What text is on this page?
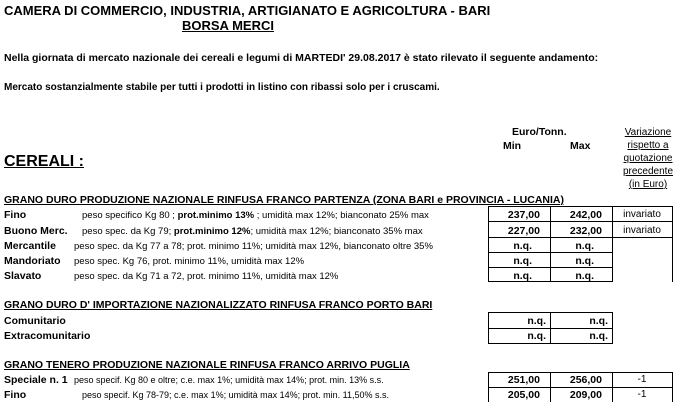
CAMERA DI COMMERCIO, INDUSTRIA, ARTIGIANATO E AGRICOLTURA - BARI
BORSA MERCI
Nella giornata di mercato nazionale dei cereali e legumi di MARTEDI' 29.08.2017 è stato rilevato il seguente andamento:
Mercato sostanzialmente stabile per tutti i prodotti in listino con ribassi solo per i cruscami.
Euro/Tonn.
Min	Max
Variazione
rispetto a
quotazione
precedente
(in Euro)
CEREALI :
GRANO DURO PRODUZIONE NAZIONALE RINFUSA FRANCO PARTENZA (ZONA BARI e PROVINCIA - LUCANIA)
Fino	peso specifico Kg 80 ; prot.minimo 13% ; umidità max 12%; bianconato 25% max	237,00	242,00	invariato
Buono Merc. peso spec. da Kg 79; prot.minimo 12%; umidità max 12%; bianconato 35% max	227,00	232,00	invariato
Mercantile peso spec. da Kg 77 a 78; prot. minimo 11%; umidità max 12%, bianconato oltre 35%	n.q.	n.q.
Mandoriato peso spec. Kg 76, prot. minimo 11%, umidità max 12%	n.q.	n.q.
Slavato	peso spec. da Kg 71 a 72, prot. minimo 11%, umidità max 12%	n.q.	n.q.
GRANO DURO D' IMPORTAZIONE NAZIONALIZZATO RINFUSA FRANCO PORTO BARI
Comunitario	n.q.	n.q.
Extracomunitario	n.q.	n.q.
GRANO TENERO PRODUZIONE NAZIONALE RINFUSA FRANCO ARRIVO PUGLIA
Speciale n. 1 peso specif. Kg 80 e oltre; c.e. max 1%; umidità max 14%; prot. min. 13% s.s.	251,00	256,00	-1
Fino	peso specif. Kg 78-79; c.e. max 1%; umidità max 14%; prot. min. 11,50% s.s.	205,00	209,00	-1
